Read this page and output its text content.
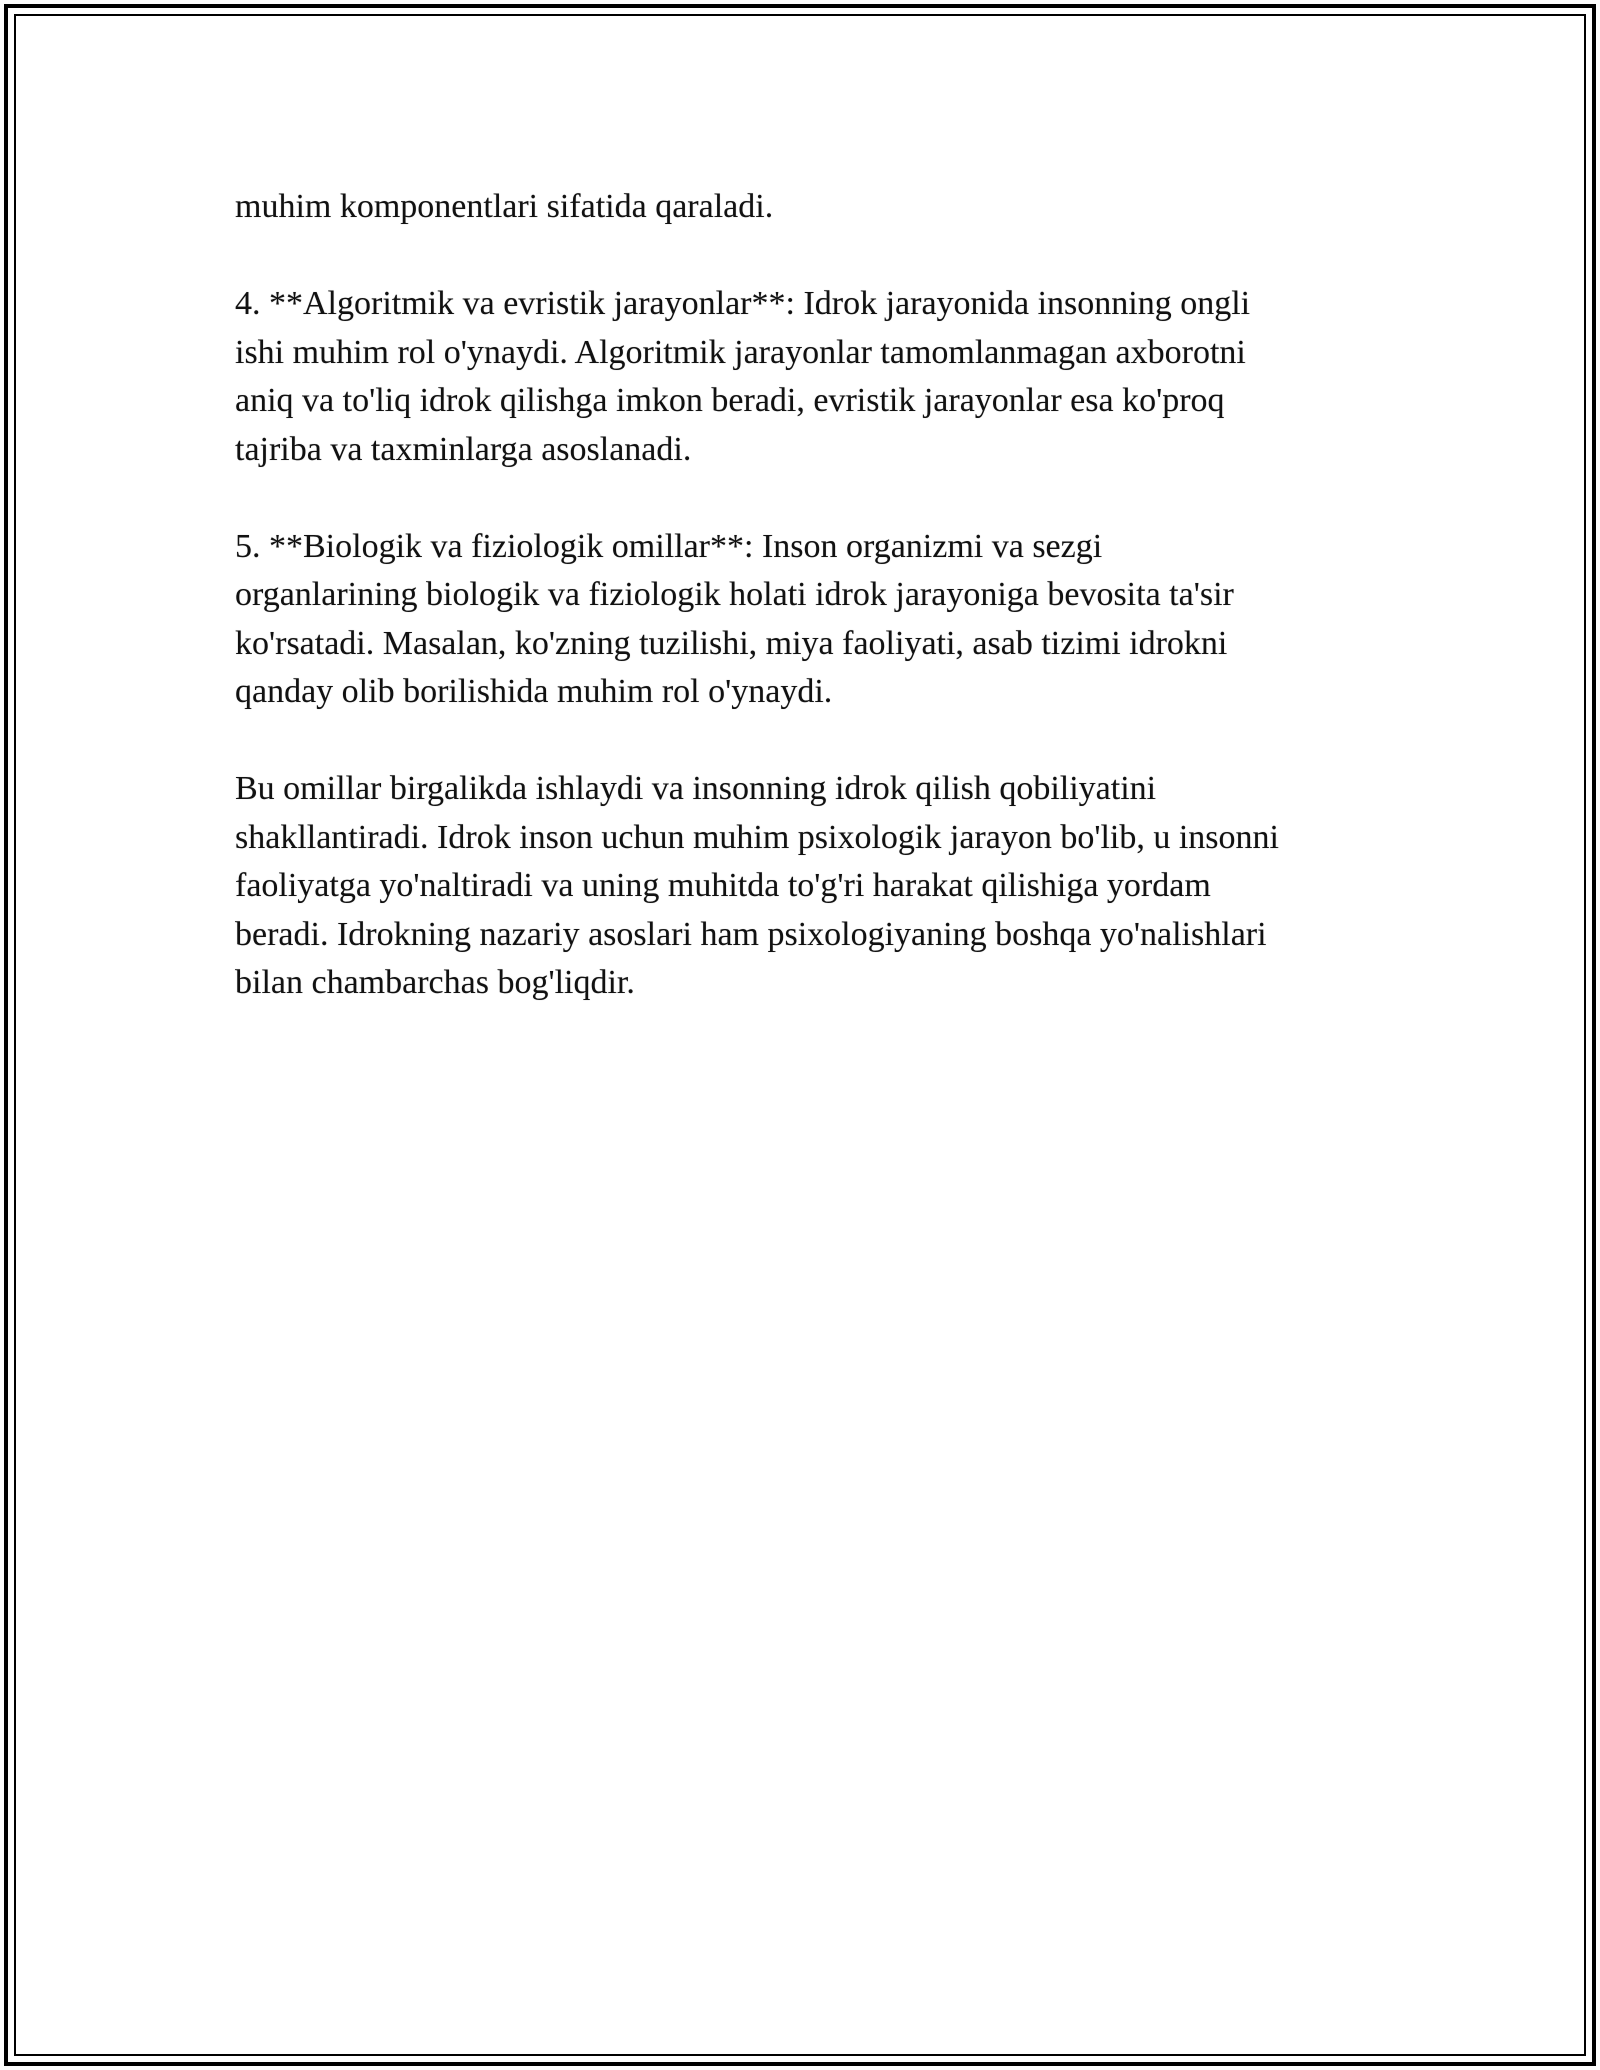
muhim komponentlari sifatida qaraladi.

4. **Algoritmik va evristik jarayonlar**: Idrok jarayonida insonning ongli
ishi muhim rol o'ynaydi. Algoritmik jarayonlar tamomlanmagan axborotni
aniq va to'liq idrok qilishga imkon beradi, evristik jarayonlar esa ko'proq
tajriba va taxminlarga asoslanadi.

5. **Biologik va fiziologik omillar**: Inson organizmi va sezgi
organlarining biologik va fiziologik holati idrok jarayoniga bevosita ta'sir
ko'rsatadi. Masalan, ko'zning tuzilishi, miya faoliyati, asab tizimi idrokni
qanday olib borilishida muhim rol o'ynaydi.

Bu omillar birgalikda ishlaydi va insonning idrok qilish qobiliyatini
shakllantiradi. Idrok inson uchun muhim psixologik jarayon bo'lib, u insonni
faoliyatga yo'naltiradi va uning muhitda to'g'ri harakat qilishiga yordam
beradi. Idrokning nazariy asoslari ham psixologiyaning boshqa yo'nalishlari
bilan chambarchas bog'liqdir.
